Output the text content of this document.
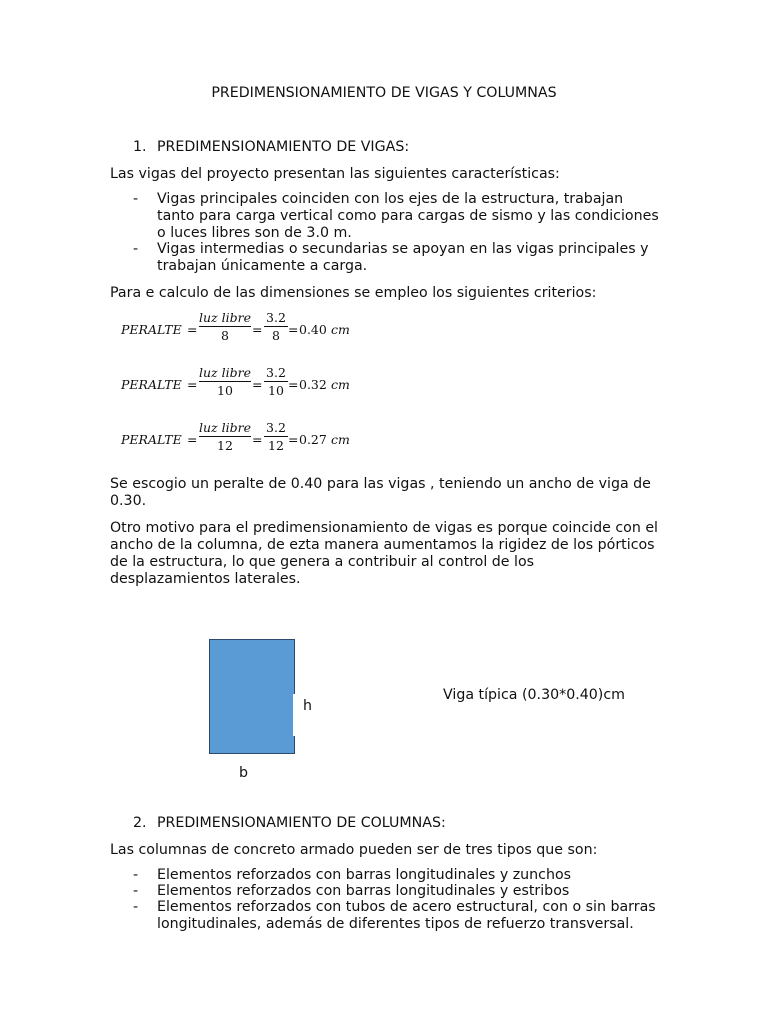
PREDIMENSIONAMIENTO DE VIGAS Y COLUMNAS
1. PREDIMENSIONAMIENTO DE VIGAS:
Las vigas del proyecto presentan las siguientes características:
- Vigas principales coinciden con los ejes de la estructura, trabajan
tanto para carga vertical como para cargas de sismo y las condiciones
o luces libres son de 3.0 m.
- Vigas intermedias o secundarias se apoyan en las vigas principales y
trabajan únicamente a carga.
Para e calculo de las dimensiones se empleo los siguientes criterios:
PERALTE =
luz libre
8	=
3.2
8 = 0.40 cm
PERALTE =
luz libre
10	=
3.2
10 = 0.32 cm
PERALTE =
luz libre
12	=
3.2
12 = 0.27 cm
Se escogio un peralte de 0.40 para las vigas , teniendo un ancho de viga de
0.30.
Otro motivo para el predimensionamiento de vigas es porque coincide con el
ancho de la columna, de ezta manera aumentamos la rigidez de los pórticos
de la estructura, lo que genera a contribuir al control de los
desplazamientos laterales.
h
b
Viga típica (0.30*0.40)cm
2. PREDIMENSIONAMIENTO DE COLUMNAS:
Las columnas de concreto armado pueden ser de tres tipos que son:
- Elementos reforzados con barras longitudinales y zunchos
- Elementos reforzados con barras longitudinales y estribos
- Elementos reforzados con tubos de acero estructural, con o sin barras
longitudinales, además de diferentes tipos de refuerzo transversal.
